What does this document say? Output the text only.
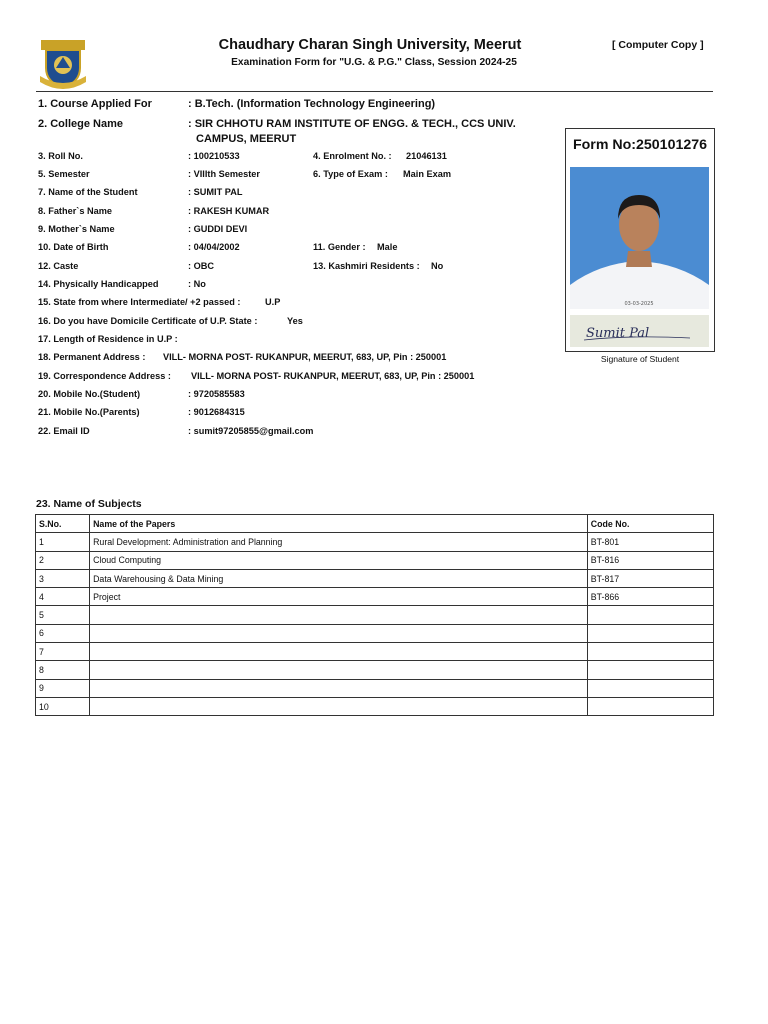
Chaudhary Charan Singh University, Meerut
Examination Form for "U.G. & P.G." Class, Session 2024-25
[ Computer Copy ]
1. Course Applied For	: B.Tech. (Information Technology Engineering)
2. College Name	: SIR CHHOTU RAM INSTITUTE OF ENGG. & TECH., CCS UNIV.
CAMPUS, MEERUT
3. Roll No.	: 100210533	4. Enrolment No. : 21046131
5. Semester	: VIIIth Semester	6. Type of Exam : Main Exam
7. Name of the Student	: SUMIT PAL
8. Father`s Name	: RAKESH KUMAR
9. Mother`s Name	: GUDDI DEVI
10. Date of Birth	: 04/04/2002	11. Gender : Male
12. Caste	: OBC	13. Kashmiri Residents : No
14. Physically Handicapped	: No
15. State from where Intermediate/ +2 passed :	U.P
16. Do you have Domicile Certificate of U.P. State :	Yes
17. Length of Residence in U.P :
18. Permanent Address : VILL- MORNA POST- RUKANPUR, MEERUT, 683, UP, Pin : 250001
19. Correspondence Address : VILL- MORNA POST- RUKANPUR, MEERUT, 683, UP, Pin : 250001
20. Mobile No.(Student)	: 9720585583
21. Mobile No.(Parents)	: 9012684315
22. Email ID	: sumit97205855@gmail.com
Form No:250101276
03-03-2025
Sumit Pal
Signature of Student
23. Name of Subjects
S.No.	Name of the Papers	Code No.
1	Rural Development: Administration and Planning	BT-801
2	Cloud Computing	BT-816
3	Data Warehousing & Data Mining	BT-817
4	Project	BT-866
5		
6		
7		
8		
9		
10		
